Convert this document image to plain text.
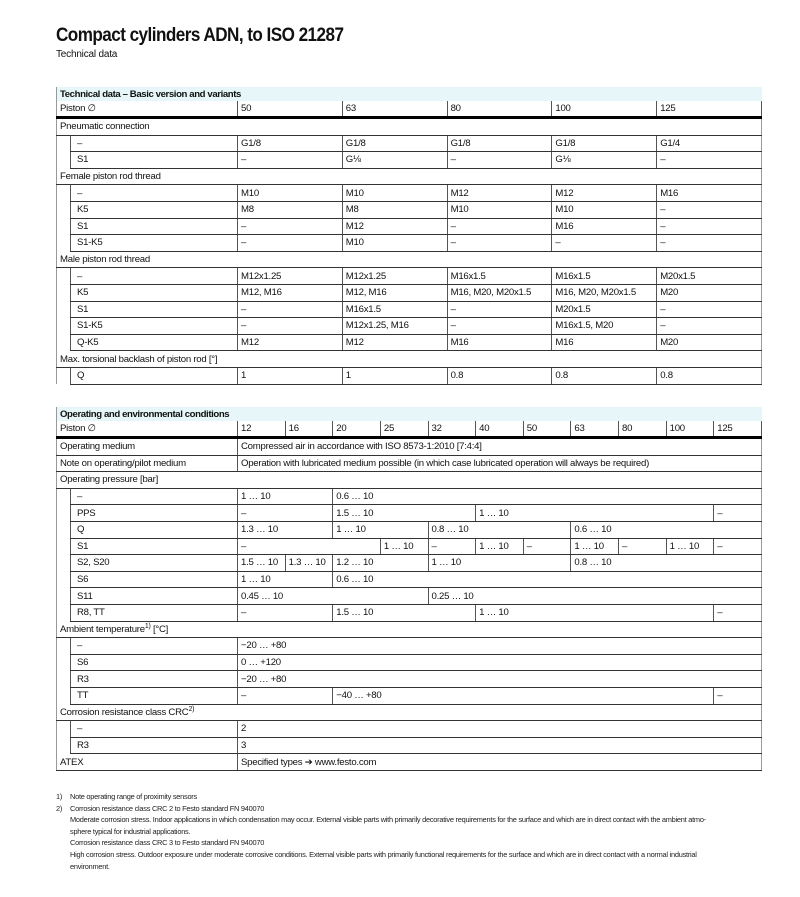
Compact cylinders ADN, to ISO 21287
Technical data
Technical data – Basic version and variants						
Piston ∅		50	63	80	100	125
Pneumatic connection						
	–	G1/8	G1/8	G1/8	G1/8	G1/4
	S1	–	G⅛	–	G⅛	–
Female piston rod thread						
	–	M10	M10	M12	M12	M16
	K5	M8	M8	M10	M10	–
	S1	–	M12	–	M16	–
	S1-K5	–	M10	–	–	–
Male piston rod thread						
	–	M12x1.25	M12x1.25	M16x1.5	M16x1.5	M20x1.5
	K5	M12, M16	M12, M16	M16, M20, M20x1.5	M16, M20, M20x1.5	M20
	S1	–	M16x1.5	–	M20x1.5	–
	S1-K5	–	M12x1.25, M16	–	M16x1.5, M20	–
	Q-K5	M12	M12	M16	M16	M20
Max. torsional backlash of piston rod [°]						
	Q	1	1	0.8	0.8	0.8
Operating and environmental conditions												
Piston ∅		12	16	20	25	32	40	50	63	80	100	125
Operating medium		Compressed air in accordance with ISO 8573-1:2010 [7:4:4]										
Note on operating/pilot medium		Operation with lubricated medium possible (in which case lubricated operation will always be required)										
Operating pressure [bar]												
	–	1 … 10		0.6 … 10								
	PPS	–		1.5 … 10			1 … 10					–
	Q	1.3 … 10		1 … 10		0.8 … 10			0.6 … 10			
	S1	–			1 … 10	–	1 … 10	–	1 … 10	–	1 … 10	–
	S2, S20	1.5 … 10	1.3 … 10	1.2 … 10		1 … 10			0.8 … 10			
	S6	1 … 10		0.6 … 10								
	S11	0.45 … 10				0.25 … 10						
	R8, TT	–		1.5 … 10			1 … 10					–
Ambient temperature$^{1)}$ [°C]												
	–	−20 … +80										
	S6	0 … +120										
	R3	−20 … +80										
	TT	–		−40 … +80								–
Corrosion resistance class CRC$^{2)}$
	–	2										
	R3	3										
ATEX		Specified types ➔ www.festo.com										
1)	Note operating range of proximity sensors
2)	Corrosion resistance class CRC 2 to Festo standard FN 940070
Moderate corrosion stress. Indoor applications in which condensation may occur. External visible parts with primarily decorative requirements for the surface and which are in direct contact with the ambient atmo-
sphere typical for industrial applications.
Corrosion resistance class CRC 3 to Festo standard FN 940070
High corrosion stress. Outdoor exposure under moderate corrosive conditions. External visible parts with primarily functional requirements for the surface and which are in direct contact with a normal industrial
environment.
